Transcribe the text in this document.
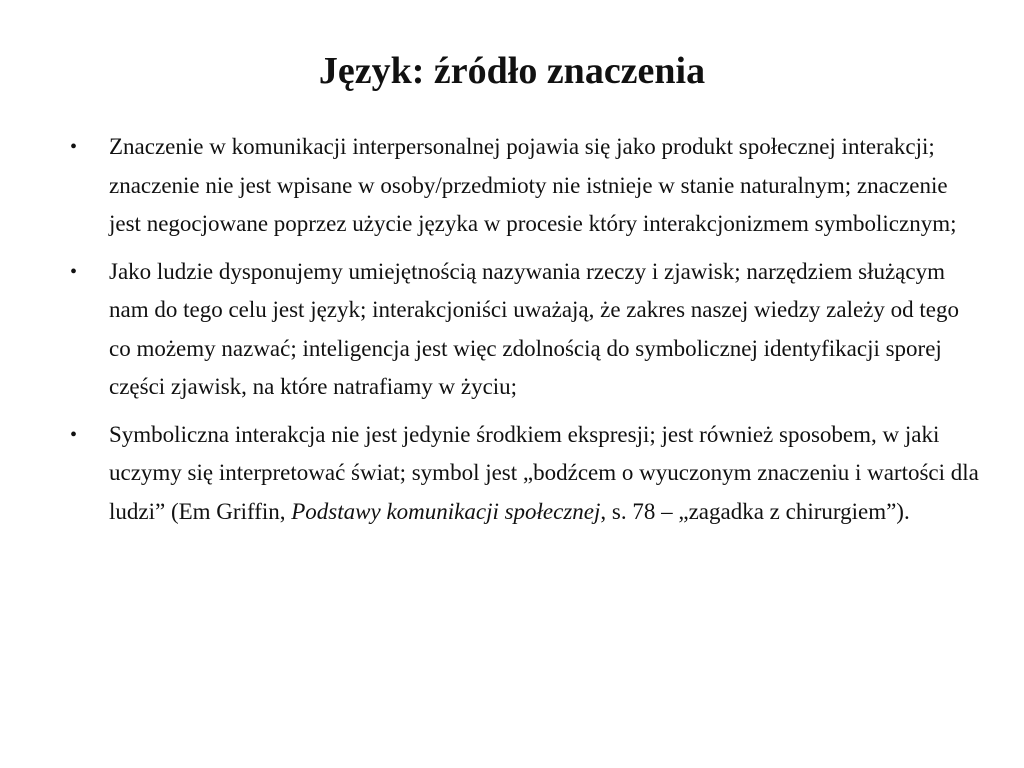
Język: źródło znaczenia
• Znaczenie w komunikacji interpersonalnej pojawia się jako produkt społecznej interakcji; znaczenie nie jest wpisane w osoby/przedmioty nie istnieje w stanie naturalnym; znaczenie jest negocjowane poprzez użycie języka w procesie który interakcjonizmem symbolicznym;
• Jako ludzie dysponujemy umiejętnością nazywania rzeczy i zjawisk; narzędziem służącym nam do tego celu jest język; interakcjoniści uważają, że zakres naszej wiedzy zależy od tego co możemy nazwać; inteligencja jest więc zdolnością do symbolicznej identyfikacji sporej części zjawisk, na które natrafiamy w życiu;
• Symboliczna interakcja nie jest jedynie środkiem ekspresji; jest również sposobem, w jaki uczymy się interpretować świat; symbol jest „bodźcem o wyuczonym znaczeniu i wartości dla ludzi” (Em Griffin, Podstawy komunikacji społecznej, s. 78 – „zagadka z chirurgiem”).
